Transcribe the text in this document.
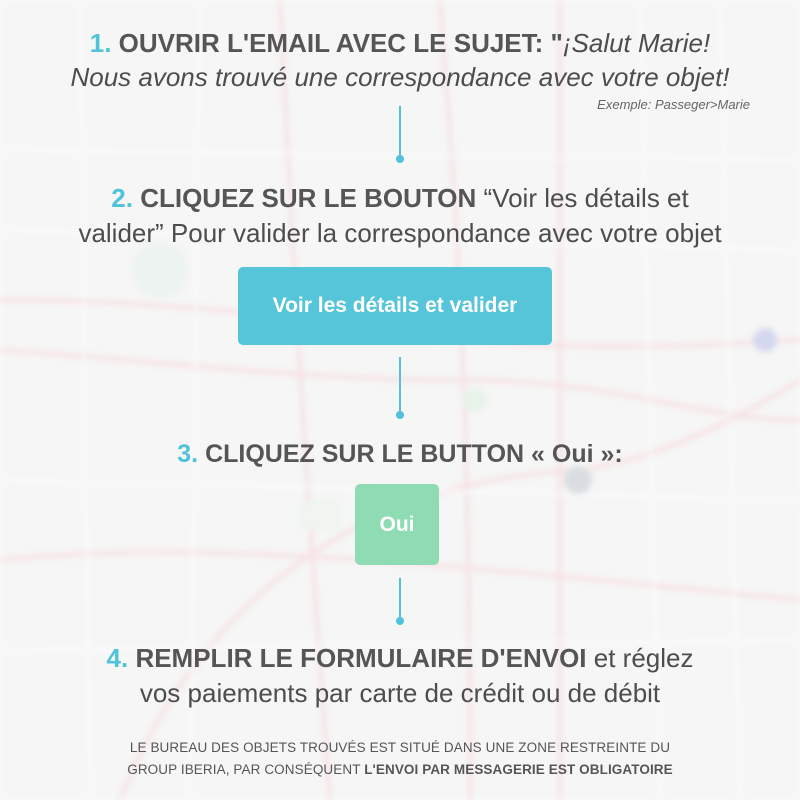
1. OUVRIR L'EMAIL AVEC LE SUJET: "¡Salut Marie!
Nous avons trouvé une correspondance avec votre objet!
Exemple: Passeger>Marie
2. CLIQUEZ SUR LE BOUTON “Voir les détails et
valider” Pour valider la correspondance avec votre objet
Voir les détails et valider
3. CLIQUEZ SUR LE BUTTON « Oui »:
Oui
4. REMPLIR LE FORMULAIRE D'ENVOI et réglez
vos paiements par carte de crédit ou de débit
LE BUREAU DES OBJETS TROUVÉS EST SITUÉ DANS UNE ZONE RESTREINTE DU
GROUP IBERIA, PAR CONSÉQUENT L'ENVOI PAR MESSAGERIE EST OBLIGATOIRE
